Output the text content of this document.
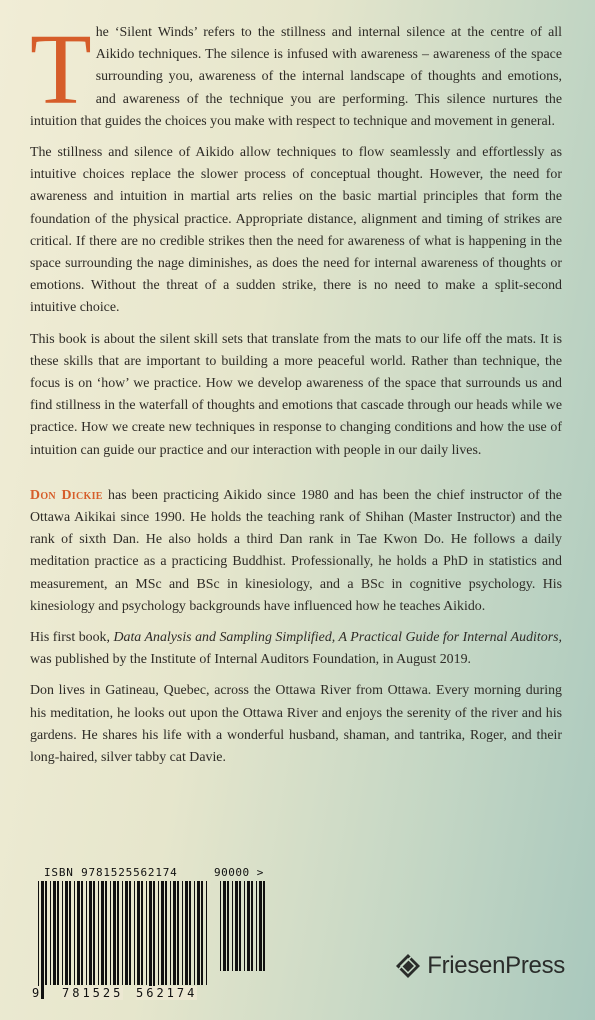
The ‘Silent Winds’ refers to the stillness and internal silence at the centre of all Aikido techniques. The silence is infused with awareness – awareness of the space surrounding you, awareness of the internal landscape of thoughts and emotions, and awareness of the technique you are performing. This silence nurtures the intuition that guides the choices you make with respect to technique and movement in general.

The stillness and silence of Aikido allow techniques to flow seamlessly and effortlessly as intuitive choices replace the slower process of conceptual thought. However, the need for awareness and intuition in martial arts relies on the basic martial principles that form the foundation of the physical practice. Appropriate distance, alignment and timing of strikes are critical. If there are no credible strikes then the need for awareness of what is happening in the space surrounding the nage diminishes, as does the need for internal awareness of thoughts or emotions. Without the threat of a sudden strike, there is no need to make a split-second intuitive choice.

This book is about the silent skill sets that translate from the mats to our life off the mats. It is these skills that are important to building a more peaceful world. Rather than technique, the focus is on ‘how’ we practice. How we develop awareness of the space that surrounds us and find stillness in the waterfall of thoughts and emotions that cascade through our heads while we practice. How we create new techniques in response to changing conditions and how the use of intuition can guide our practice and our interaction with people in our daily lives.

Don Dickie has been practicing Aikido since 1980 and has been the chief instructor of the Ottawa Aikikai since 1990. He holds the teaching rank of Shihan (Master Instructor) and the rank of sixth Dan. He also holds a third Dan rank in Tae Kwon Do. He follows a daily meditation practice as a practicing Buddhist. Professionally, he holds a PhD in statistics and measurement, an MSc and BSc in kinesiology, and a BSc in cognitive psychology. His kinesiology and psychology backgrounds have influenced how he teaches Aikido.

His first book, Data Analysis and Sampling Simplified, A Practical Guide for Internal Auditors, was published by the Institute of Internal Auditors Foundation, in August 2019.

Don lives in Gatineau, Quebec, across the Ottawa River from Ottawa. Every morning during his meditation, he looks out upon the Ottawa River and enjoys the serenity of the river and his gardens. He shares his life with a wonderful husband, shaman, and tantrika, Roger, and their long-haired, silver tabby cat Davie.

ISBN 9781525562174
9 781525 562174
90000 >
FriesenPress
